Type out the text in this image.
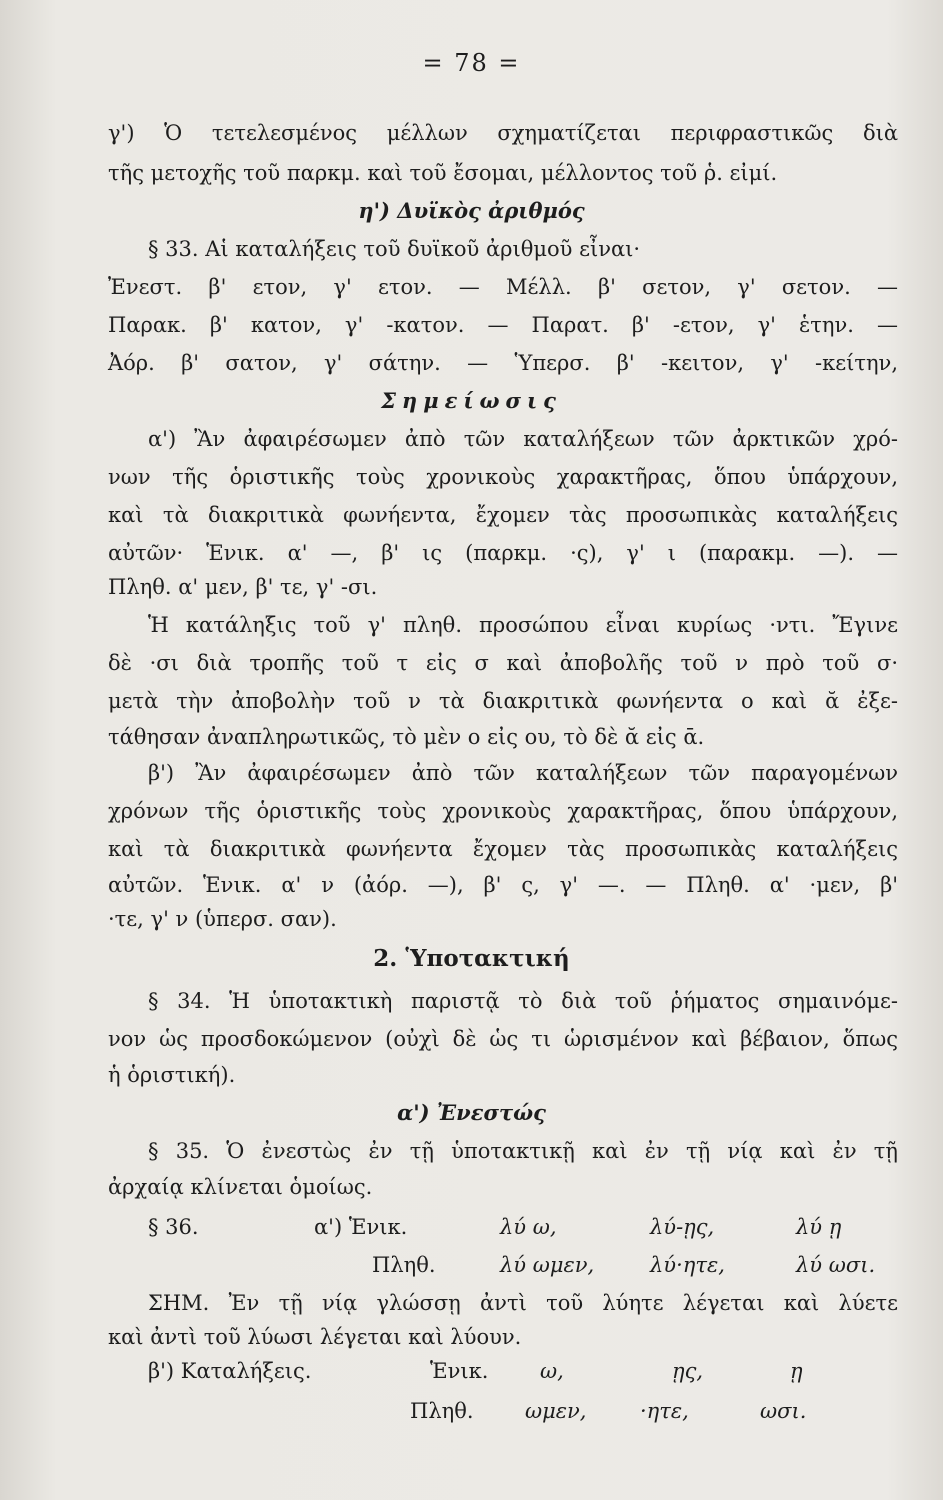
= 78 =
γ') Ὁ τετελεσμένος μέλλων σχηματίζεται περιφραστικῶς διὰ
τῆς μετοχῆς τοῦ παρκμ. καὶ τοῦ ἔσομαι, μέλλοντος τοῦ ῥ. εἰμί.
η') Δυϊκὸς ἀριθμός
§ 33. Αἱ καταλήξεις τοῦ δυϊκοῦ ἀριθμοῦ εἶναι·
Ἐνεστ. β' ετον, γ' ετον. — Μέλλ. β' σετον, γ' σετον. —
Παρακ. β' κατον, γ' -κατον. — Παρατ. β' -ετον, γ' ἑτην. —
Ἀόρ. β' σατον, γ' σάτην. — Ὑπερσ. β' -κειτον, γ' -κείτην,
Σημείωσις
α') Ἂν ἀφαιρέσωμεν ἀπὸ τῶν καταλήξεων τῶν ἀρκτικῶν χρό-
νων τῆς ὁριστικῆς τοὺς χρονικοὺς χαρακτῆρας, ὅπου ὑπάρχουν,
καὶ τὰ διακριτικὰ φωνήεντα, ἔχομεν τὰς προσωπικὰς καταλήξεις
αὐτῶν· Ἑνικ. α' —, β' ις (παρκμ. ·ς), γ' ι (παρακμ. —). —
Πληθ. α' μεν, β' τε, γ' -σι.
Ἡ κατάληξις τοῦ γ' πληθ. προσώπου εἶναι κυρίως ·ντι. Ἔγινε
δὲ ·σι διὰ τροπῆς τοῦ τ εἰς σ καὶ ἀποβολῆς τοῦ ν πρὸ τοῦ σ·
μετὰ τὴν ἀποβολὴν τοῦ ν τὰ διακριτικὰ φωνήεντα ο καὶ ᾰ ἐξε-
τάθησαν ἀναπληρωτικῶς, τὸ μὲν ο εἰς ου, τὸ δὲ ᾰ εἰς ᾱ.
β') Ἂν ἀφαιρέσωμεν ἀπὸ τῶν καταλήξεων τῶν παραγομένων
χρόνων τῆς ὁριστικῆς τοὺς χρονικοὺς χαρακτῆρας, ὅπου ὑπάρχουν,
καὶ τὰ διακριτικὰ φωνήεντα ἔχομεν τὰς προσωπικὰς καταλήξεις
αὐτῶν. Ἑνικ. α' ν (ἀόρ. —), β' ς, γ' —. — Πληθ. α' ·μεν, β'
·τε, γ' ν (ὑπερσ. σαν).
2. Ὑποτακτική
§ 34. Ἡ ὑποτακτικὴ παριστᾷ τὸ διὰ τοῦ ῥήματος σημαινόμε-
νον ὡς προσδοκώμενον (οὐχὶ δὲ ὡς τι ὡρισμένον καὶ βέβαιον, ὅπως
ἡ ὁριστική).
α') Ἐνεστώς
§ 35. Ὁ ἐνεστὼς ἐν τῇ ὑποτακτικῇ καὶ ἐν τῇ νίᾳ καὶ ἐν τῇ
ἀρχαίᾳ κλίνεται ὁμοίως.
§ 36.	α') Ἑνικ.	λύ ω,	λύ-ῃς,	λύ ῃ
Πληθ.	λύ ωμεν,	λύ·ητε,	λύ ωσι.
ΣΗΜ. Ἐν τῇ νίᾳ γλώσσῃ ἀντὶ τοῦ λύητε λέγεται καὶ λύετε
καὶ ἀντὶ τοῦ λύωσι λέγεται καὶ λύουν.
β') Καταλήξεις.	Ἑνικ. ω,	ῃς,	ῃ
Πληθ. ωμεν,	·ητε,	ωσι.
